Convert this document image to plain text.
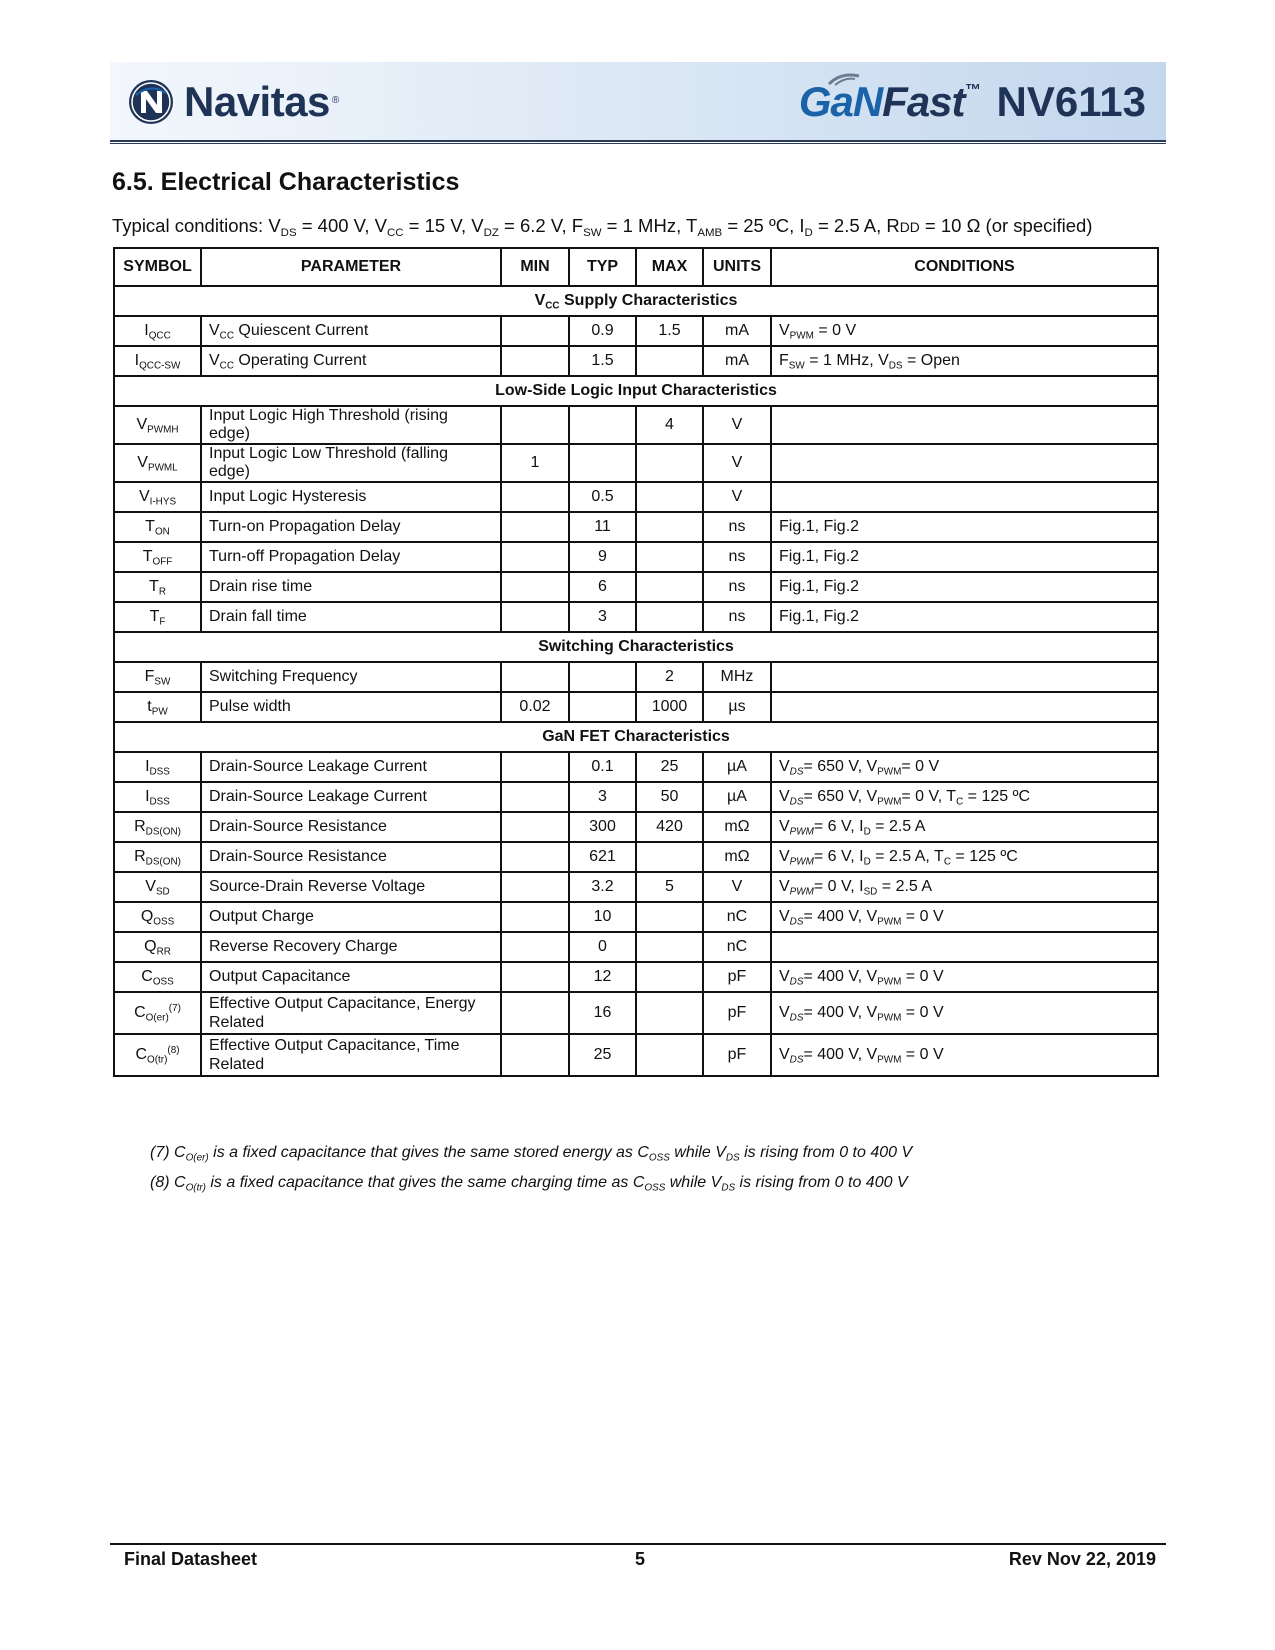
Navitas ®	GaN Fast ™ NV6113
6.5. Electrical Characteristics
Typical conditions: $V_{DS} = 400$ V, $V_{CC} = 15$ V, $V_{DZ} = 6.2$ V, $F_{SW} = 1$ MHz, $T_{AMB} = 25$ ºC, $I_D = 2.5$ A, RDD = 10 Ω (or specified)
SYMBOL	PARAMETER	MIN	TYP	MAX	UNITS	CONDITIONS
$V_{CC}$ Supply Characteristics						
$I_{QCC}$	$V_{CC}$ Quiescent Current		0.9	1.5	mA	$V_{PWM} = 0$ V
$I_{QCC-SW}$	$V_{CC}$ Operating Current		1.5		mA	$F_{SW} = 1$ MHz, $V_{DS}$ = Open
Low-Side Logic Input Characteristics						
$V_{PWMH}$	Input Logic High Threshold (rising edge)			4	V	
$V_{PWML}$	Input Logic Low Threshold (falling edge)	1			V	
$V_{I-HYS}$	Input Logic Hysteresis		0.5		V	
$T_{ON}$	Turn-on Propagation Delay		11		ns	Fig.1, Fig.2
$T_{OFF}$	Turn-off Propagation Delay		9		ns	Fig.1, Fig.2
$T_R$	Drain rise time		6		ns	Fig.1, Fig.2
$T_F$	Drain fall time		3		ns	Fig.1, Fig.2
Switching Characteristics						
$F_{SW}$	Switching Frequency			2	MHz	
$t_{PW}$	Pulse width	0.02		1000	µs	
GaN FET Characteristics						
$I_{DSS}$	Drain-Source Leakage Current		0.1	25	µA	$V_{DS}= 650$ V, $V_{PWM}= 0$ V
$I_{DSS}$	Drain-Source Leakage Current		3	50	µA	$V_{DS}= 650$ V, $V_{PWM}= 0$ V, $T_C = 125$ ºC
$R_{DS(ON)}$	Drain-Source Resistance		300	420	mΩ	$V_{PWM}= 6$ V, $I_D = 2.5$ A
$R_{DS(ON)}$	Drain-Source Resistance		621		mΩ	$V_{PWM}= 6$ V, $I_D = 2.5$ A, $T_C = 125$ ºC
$V_{SD}$	Source-Drain Reverse Voltage		3.2	5	V	$V_{PWM}= 0$ V, $I_{SD} = 2.5$ A
$Q_{OSS}$	Output Charge		10		nC	$V_{DS}= 400$ V, $V_{PWM} = 0$ V
$Q_{RR}$	Reverse Recovery Charge		0		nC	
$C_{OSS}$	Output Capacitance		12		pF	$V_{DS}= 400$ V, $V_{PWM} = 0$ V
$C_{O(er)}^{(7)}$	Effective Output Capacitance, Energy Related		16		pF	$V_{DS}= 400$ V, $V_{PWM} = 0$ V
$C_{O(tr)}^{(8)}$	Effective Output Capacitance, Time Related		25		pF	$V_{DS}= 400$ V, $V_{PWM} = 0$ V
(7) $C_{O(er)}$ is a fixed capacitance that gives the same stored energy as $C_{OSS}$ while $V_{DS}$ is rising from 0 to 400 V
(8) $C_{O(tr)}$ is a fixed capacitance that gives the same charging time as $C_{OSS}$ while $V_{DS}$ is rising from 0 to 400 V
Final Datasheet	5	Rev Nov 22, 2019
